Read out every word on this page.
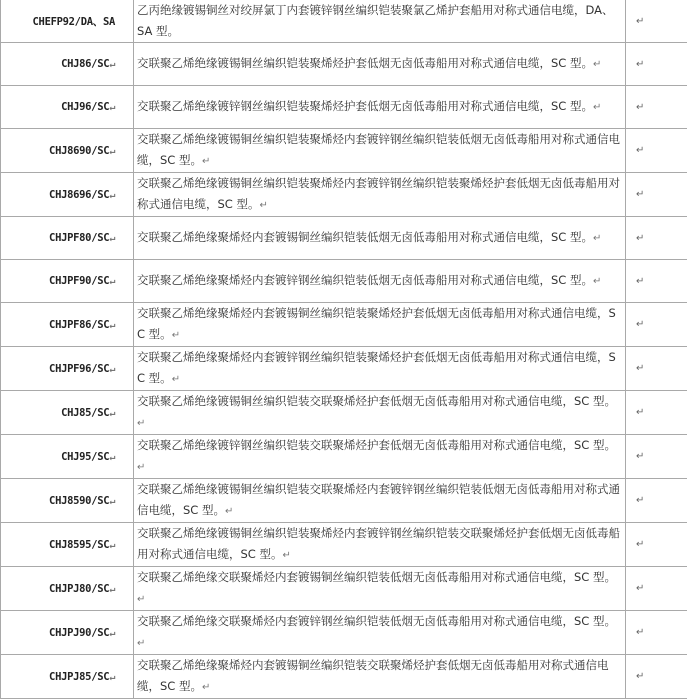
CHEFP92/DA、SA	乙丙绝缘镀锡铜丝对绞屏氯丁内套镀锌钢丝编织铠装聚氯乙烯护套船用对称式通信电缆，DA、SA 型。	↵
CHJ86/SC↵	交联聚乙烯绝缘镀锡铜丝编织铠装聚烯烃护套低烟无卤低毒船用对称式通信电缆，SC 型。↵	↵
CHJ96/SC↵	交联聚乙烯绝缘镀锌钢丝编织铠装聚烯烃护套低烟无卤低毒船用对称式通信电缆，SC 型。↵	↵
CHJ8690/SC↵	交联聚乙烯绝缘镀锡铜丝编织铠装聚烯烃内套镀锌钢丝编织铠装低烟无卤低毒船用对称式通信电缆，SC 型。↵	↵
CHJ8696/SC↵	交联聚乙烯绝缘镀锡铜丝编织铠装聚烯烃内套镀锌钢丝编织铠装聚烯烃护套低烟无卤低毒船用对称式通信电缆，SC 型。↵	↵
CHJPF80/SC↵	交联聚乙烯绝缘聚烯烃内套镀锡铜丝编织铠装低烟无卤低毒船用对称式通信电缆，SC 型。↵	↵
CHJPF90/SC↵	交联聚乙烯绝缘聚烯烃内套镀锌钢丝编织铠装低烟无卤低毒船用对称式通信电缆，SC 型。↵	↵
CHJPF86/SC↵	交联聚乙烯绝缘聚烯烃内套镀锡铜丝编织铠装聚烯烃护套低烟无卤低毒船用对称式通信电缆，SC 型。↵	↵
CHJPF96/SC↵	交联聚乙烯绝缘聚烯烃内套镀锌钢丝编织铠装聚烯烃护套低烟无卤低毒船用对称式通信电缆，SC 型。↵	↵
CHJ85/SC↵	交联聚乙烯绝缘镀锡铜丝编织铠装交联聚烯烃护套低烟无卤低毒船用对称式通信电缆，SC 型。↵	↵
CHJ95/SC↵	交联聚乙烯绝缘镀锌钢丝编织铠装交联聚烯烃护套低烟无卤低毒船用对称式通信电缆，SC 型。↵	↵
CHJ8590/SC↵	交联聚乙烯绝缘镀锡铜丝编织铠装交联聚烯烃内套镀锌钢丝编织铠装低烟无卤低毒船用对称式通信电缆，SC 型。↵	↵
CHJ8595/SC↵	交联聚乙烯绝缘镀锡铜丝编织铠装聚烯烃内套镀锌钢丝编织铠装交联聚烯烃护套低烟无卤低毒船用对称式通信电缆，SC 型。↵	↵
CHJPJ80/SC↵	交联聚乙烯绝缘交联聚烯烃内套镀锡铜丝编织铠装低烟无卤低毒船用对称式通信电缆，SC 型。↵	↵
CHJPJ90/SC↵	交联聚乙烯绝缘交联聚烯烃内套镀锌钢丝编织铠装低烟无卤低毒船用对称式通信电缆，SC 型。↵	↵
CHJPJ85/SC↵	交联聚乙烯绝缘聚烯烃内套镀锡铜丝编织铠装交联聚烯烃护套低烟无卤低毒船用对称式通信电缆，SC 型。↵	↵
